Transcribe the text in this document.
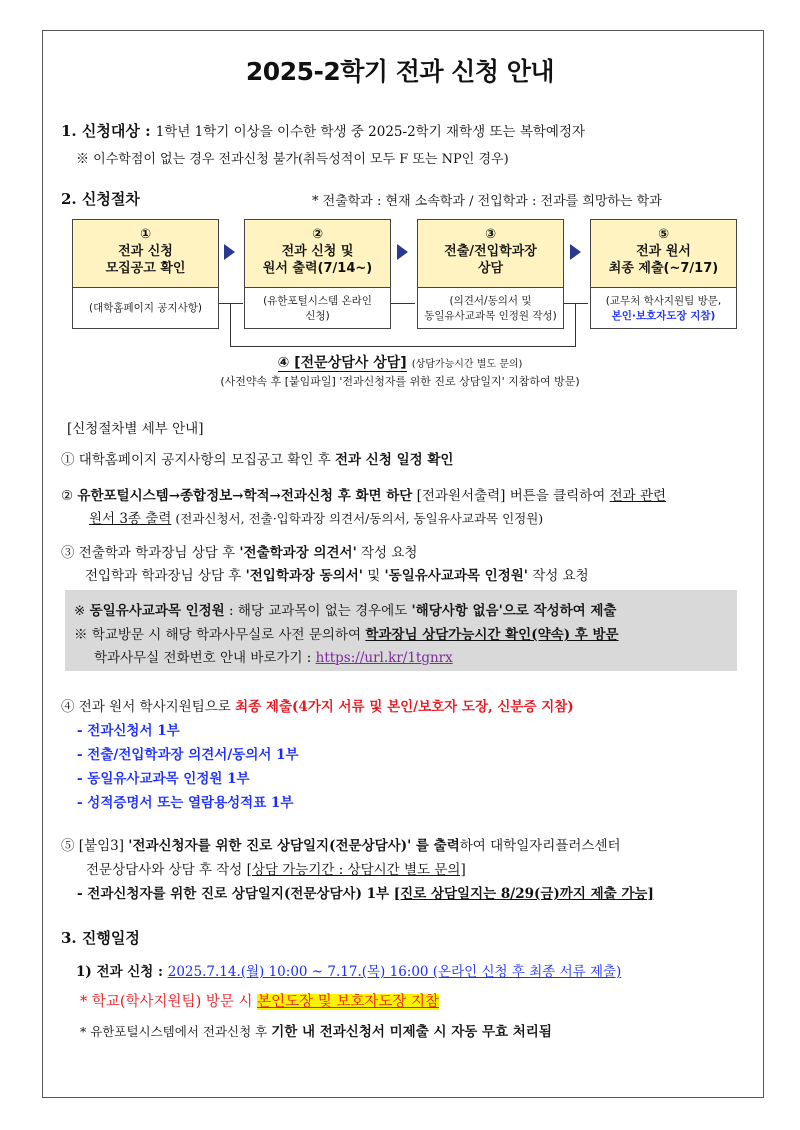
2025-2학기 전과 신청 안내
1. 신청대상 : 1학년 1학기 이상을 이수한 학생 중 2025-2학기 재학생 또는 복학예정자
※ 이수학점이 없는 경우 전과신청 불가(취득성적이 모두 F 또는 NP인 경우)
2. 신청절차	* 전출학과 : 현재 소속학과 / 전입학과 : 전과를 희망하는 학과
①
전과 신청
모집공고 확인
(대학홈페이지 공지사항)
②
전과 신청 및
원서 출력(7/14~)
(유한포털시스템 온라인
신청)
③
전출/전입학과장
상담
(의견서/동의서 및
동일유사교과목 인정원 작성)
⑤
전과 원서
최종 제출(~7/17)
(교무처 학사지원팀 방문,
본인·보호자도장 지참)
④ [전문상담사 상담] (상담가능시간 별도 문의)
(사전약속 후 [붙임파일] '전과신청자를 위한 진로 상담일지' 지참하여 방문)
[신청절차별 세부 안내]
① 대학홈페이지 공지사항의 모집공고 확인 후 전과 신청 일정 확인
② 유한포털시스템→종합정보→학적→전과신청 후 화면 하단 [전과원서출력] 버튼을 클릭하여 전과 관련
원서 3종 출력 (전과신청서, 전출·입학과장 의견서/동의서, 동일유사교과목 인정원)
③ 전출학과 학과장님 상담 후 '전출학과장 의견서' 작성 요청
전입학과 학과장님 상담 후 '전입학과장 동의서' 및 '동일유사교과목 인정원' 작성 요청
※ 동일유사교과목 인정원 : 해당 교과목이 없는 경우에도 '해당사항 없음'으로 작성하여 제출
※ 학교방문 시 해당 학과사무실로 사전 문의하여 학과장님 상담가능시간 확인(약속) 후 방문
학과사무실 전화번호 안내 바로가기 : https://url.kr/1tgnrx
④ 전과 원서 학사지원팀으로 최종 제출(4가지 서류 및 본인/보호자 도장, 신분증 지참)
- 전과신청서 1부
- 전출/전입학과장 의견서/동의서 1부
- 동일유사교과목 인정원 1부
- 성적증명서 또는 열람용성적표 1부
⑤ [붙임3] '전과신청자를 위한 진로 상담일지(전문상담사)' 를 출력하여 대학일자리플러스센터
전문상담사와 상담 후 작성 [상담 가능기간 : 상담시간 별도 문의]
- 전과신청자를 위한 진로 상담일지(전문상담사) 1부 [진로 상담일지는 8/29(금)까지 제출 가능]
3. 진행일정
1) 전과 신청 : 2025.7.14.(월) 10:00 ~ 7.17.(목) 16:00 (온라인 신청 후 최종 서류 제출)
* 학교(학사지원팀) 방문 시 본인도장 및 보호자도장 지참
* 유한포털시스템에서 전과신청 후 기한 내 전과신청서 미제출 시 자동 무효 처리됨
